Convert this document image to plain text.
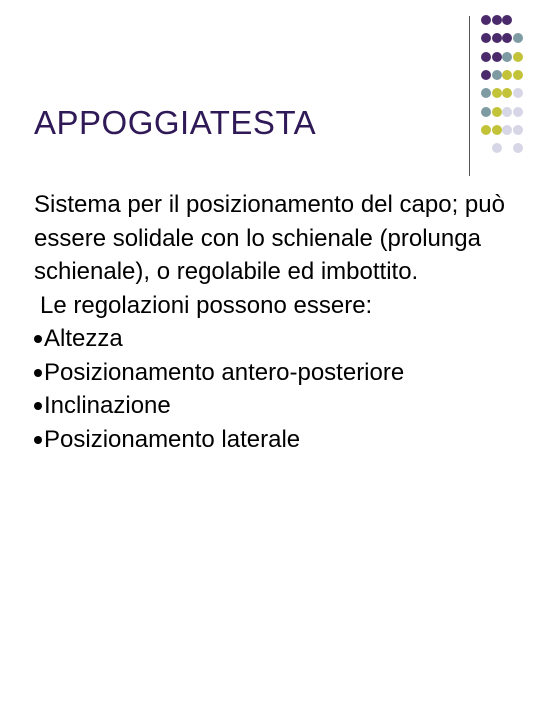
APPOGGIATESTA
Sistema per il posizionamento del capo; può essere solidale con lo schienale (prolunga schienale), o regolabile ed imbottito.
Le regolazioni possono essere:
Altezza
Posizionamento antero-posteriore
Inclinazione
Posizionamento laterale
